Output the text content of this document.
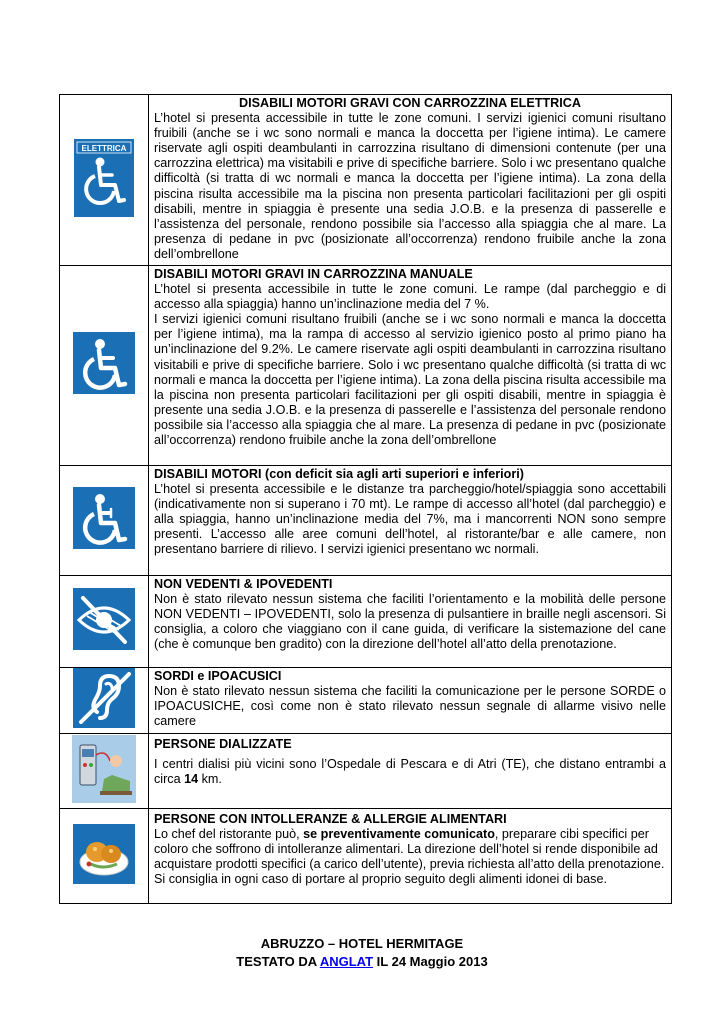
ELETTRICA	DISABILI MOTORI GRAVI CON CARROZZINA ELETTRICA

L’hotel si presenta accessibile in tutte le zone comuni. I servizi igienici comuni risultano fruibili (anche se i wc sono normali e manca la doccetta per l’igiene intima). Le camere riservate agli ospiti deambulanti in carrozzina risultano di dimensioni contenute (per una carrozzina elettrica) ma visitabili e prive di specifiche barriere. Solo i wc presentano qualche difficoltà (si tratta di wc normali e manca la doccetta per l’igiene intima). La zona della piscina risulta accessibile ma la piscina non presenta particolari facilitazioni per gli ospiti disabili, mentre in spiaggia è presente una sedia J.O.B. e la presenza di passerelle e l’assistenza del personale, rendono possibile sia l’accesso alla spiaggia che al mare. La presenza di pedane in pvc (posizionate all’occorrenza) rendono fruibile anche la zona dell’ombrellone

DISABILI MOTORI GRAVI IN CARROZZINA MANUALE

L’hotel si presenta accessibile in tutte le zone comuni. Le rampe (dal parcheggio e di accesso alla spiaggia) hanno un’inclinazione media del 7 %.

I servizi igienici comuni risultano fruibili (anche se i wc sono normali e manca la doccetta per l’igiene intima), ma la rampa di accesso al servizio igienico posto al primo piano ha un’inclinazione del 9.2%. Le camere riservate agli ospiti deambulanti in carrozzina risultano visitabili e prive di specifiche barriere. Solo i wc presentano qualche difficoltà (si tratta di wc normali e manca la doccetta per l’igiene intima). La zona della piscina risulta accessibile ma la piscina non presenta particolari facilitazioni per gli ospiti disabili, mentre in spiaggia è presente una sedia J.O.B. e la presenza di passerelle e l’assistenza del personale rendono possibile sia l’accesso alla spiaggia che al mare. La presenza di pedane in pvc (posizionate all’occorrenza) rendono fruibile anche la zona dell’ombrellone

DISABILI MOTORI (con deficit sia agli arti superiori e inferiori)

L’hotel si presenta accessibile e le distanze tra parcheggio/hotel/spiaggia sono accettabili (indicativamente non si superano i 70 mt). Le rampe di accesso all’hotel (dal parcheggio) e alla spiaggia, hanno un’inclinazione media del 7%, ma i mancorrenti NON sono sempre presenti. L’accesso alle aree comuni dell’hotel, al ristorante/bar e alle camere, non presentano barriere di rilievo. I servizi igienici presentano wc normali.

NON VEDENTI & IPOVEDENTI

Non è stato rilevato nessun sistema che faciliti l’orientamento e la mobilità delle persone NON VEDENTI – IPOVEDENTI, solo la presenza di pulsantiere in braille negli ascensori. Si consiglia, a coloro che viaggiano con il cane guida, di verificare la sistemazione del cane (che è comunque ben gradito) con la direzione dell’hotel all’atto della prenotazione.

SORDI e IPOACUSICI

Non è stato rilevato nessun sistema che faciliti la comunicazione per le persone SORDE o IPOACUSICHE, così come non è stato rilevato nessun segnale di allarme visivo nelle camere

PERSONE DIALIZZATE

I centri dialisi più vicini sono l’Ospedale di Pescara e di Atri (TE), che distano entrambi a circa 14 km.

PERSONE CON INTOLLERANZE & ALLERGIE ALIMENTARI

Lo chef del ristorante può, se preventivamente comunicato, preparare cibi specifici per coloro che soffrono di intolleranze alimentari. La direzione dell’hotel si rende disponibile ad acquistare prodotti specifici (a carico dell’utente), previa richiesta all’atto della prenotazione.

Si consiglia in ogni caso di portare al proprio seguito degli alimenti idonei di base.

ABRUZZO – HOTEL HERMITAGE
TESTATO DA ANGLAT IL 24 Maggio 2013
